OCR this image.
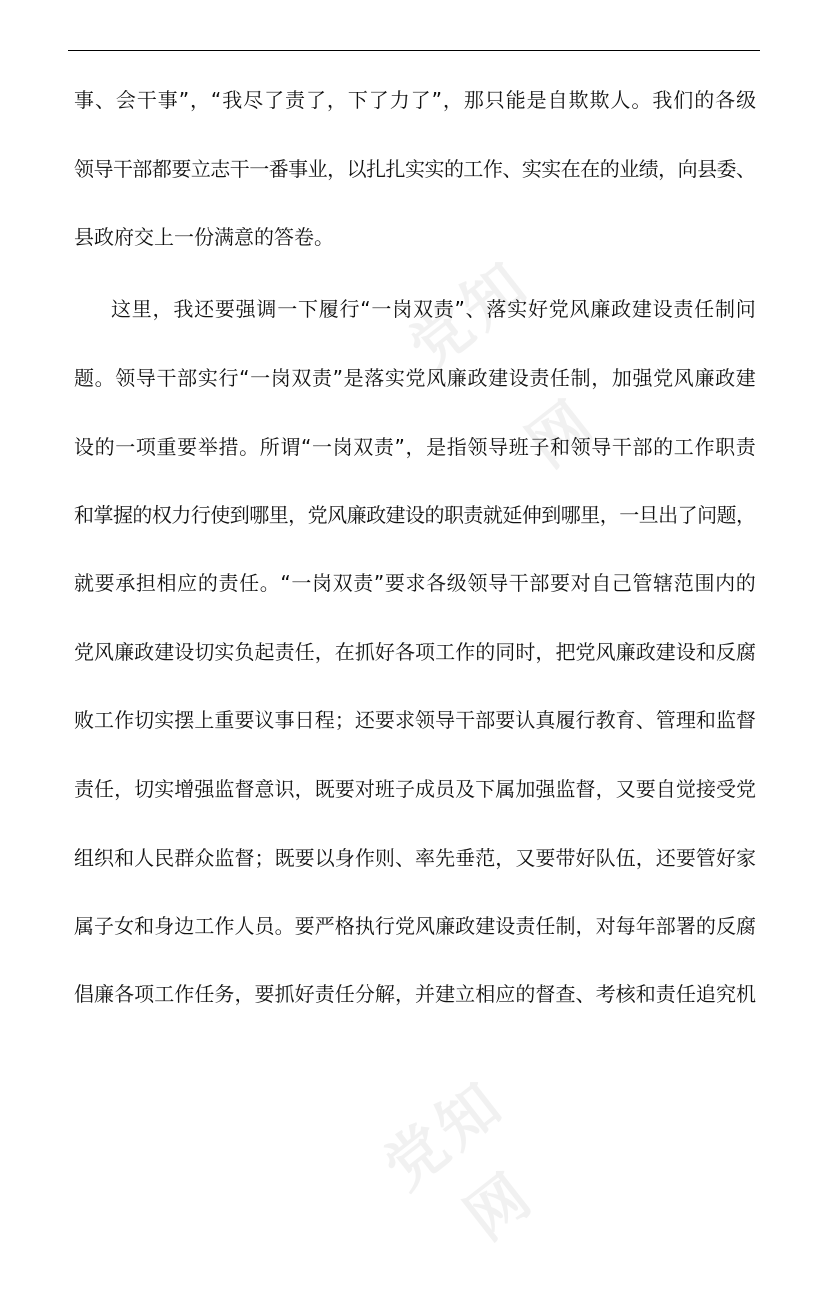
党知网
党知网
事、会干事”，“我尽了责了，下了力了”，那只能是自欺欺人。我们的各级
领导干部都要立志干一番事业，以扎扎实实的工作、实实在在的业绩，向县委、
县政府交上一份满意的答卷。
这里，我还要强调一下履行“一岗双责”、落实好党风廉政建设责任制问
题。领导干部实行“一岗双责”是落实党风廉政建设责任制，加强党风廉政建
设的一项重要举措。所谓“一岗双责”，是指领导班子和领导干部的工作职责
和掌握的权力行使到哪里，党风廉政建设的职责就延伸到哪里，一旦出了问题，
就要承担相应的责任。“一岗双责”要求各级领导干部要对自己管辖范围内的
党风廉政建设切实负起责任，在抓好各项工作的同时，把党风廉政建设和反腐
败工作切实摆上重要议事日程；还要求领导干部要认真履行教育、管理和监督
责任，切实增强监督意识，既要对班子成员及下属加强监督，又要自觉接受党
组织和人民群众监督；既要以身作则、率先垂范，又要带好队伍，还要管好家
属子女和身边工作人员。要严格执行党风廉政建设责任制，对每年部署的反腐
倡廉各项工作任务，要抓好责任分解，并建立相应的督查、考核和责任追究机
